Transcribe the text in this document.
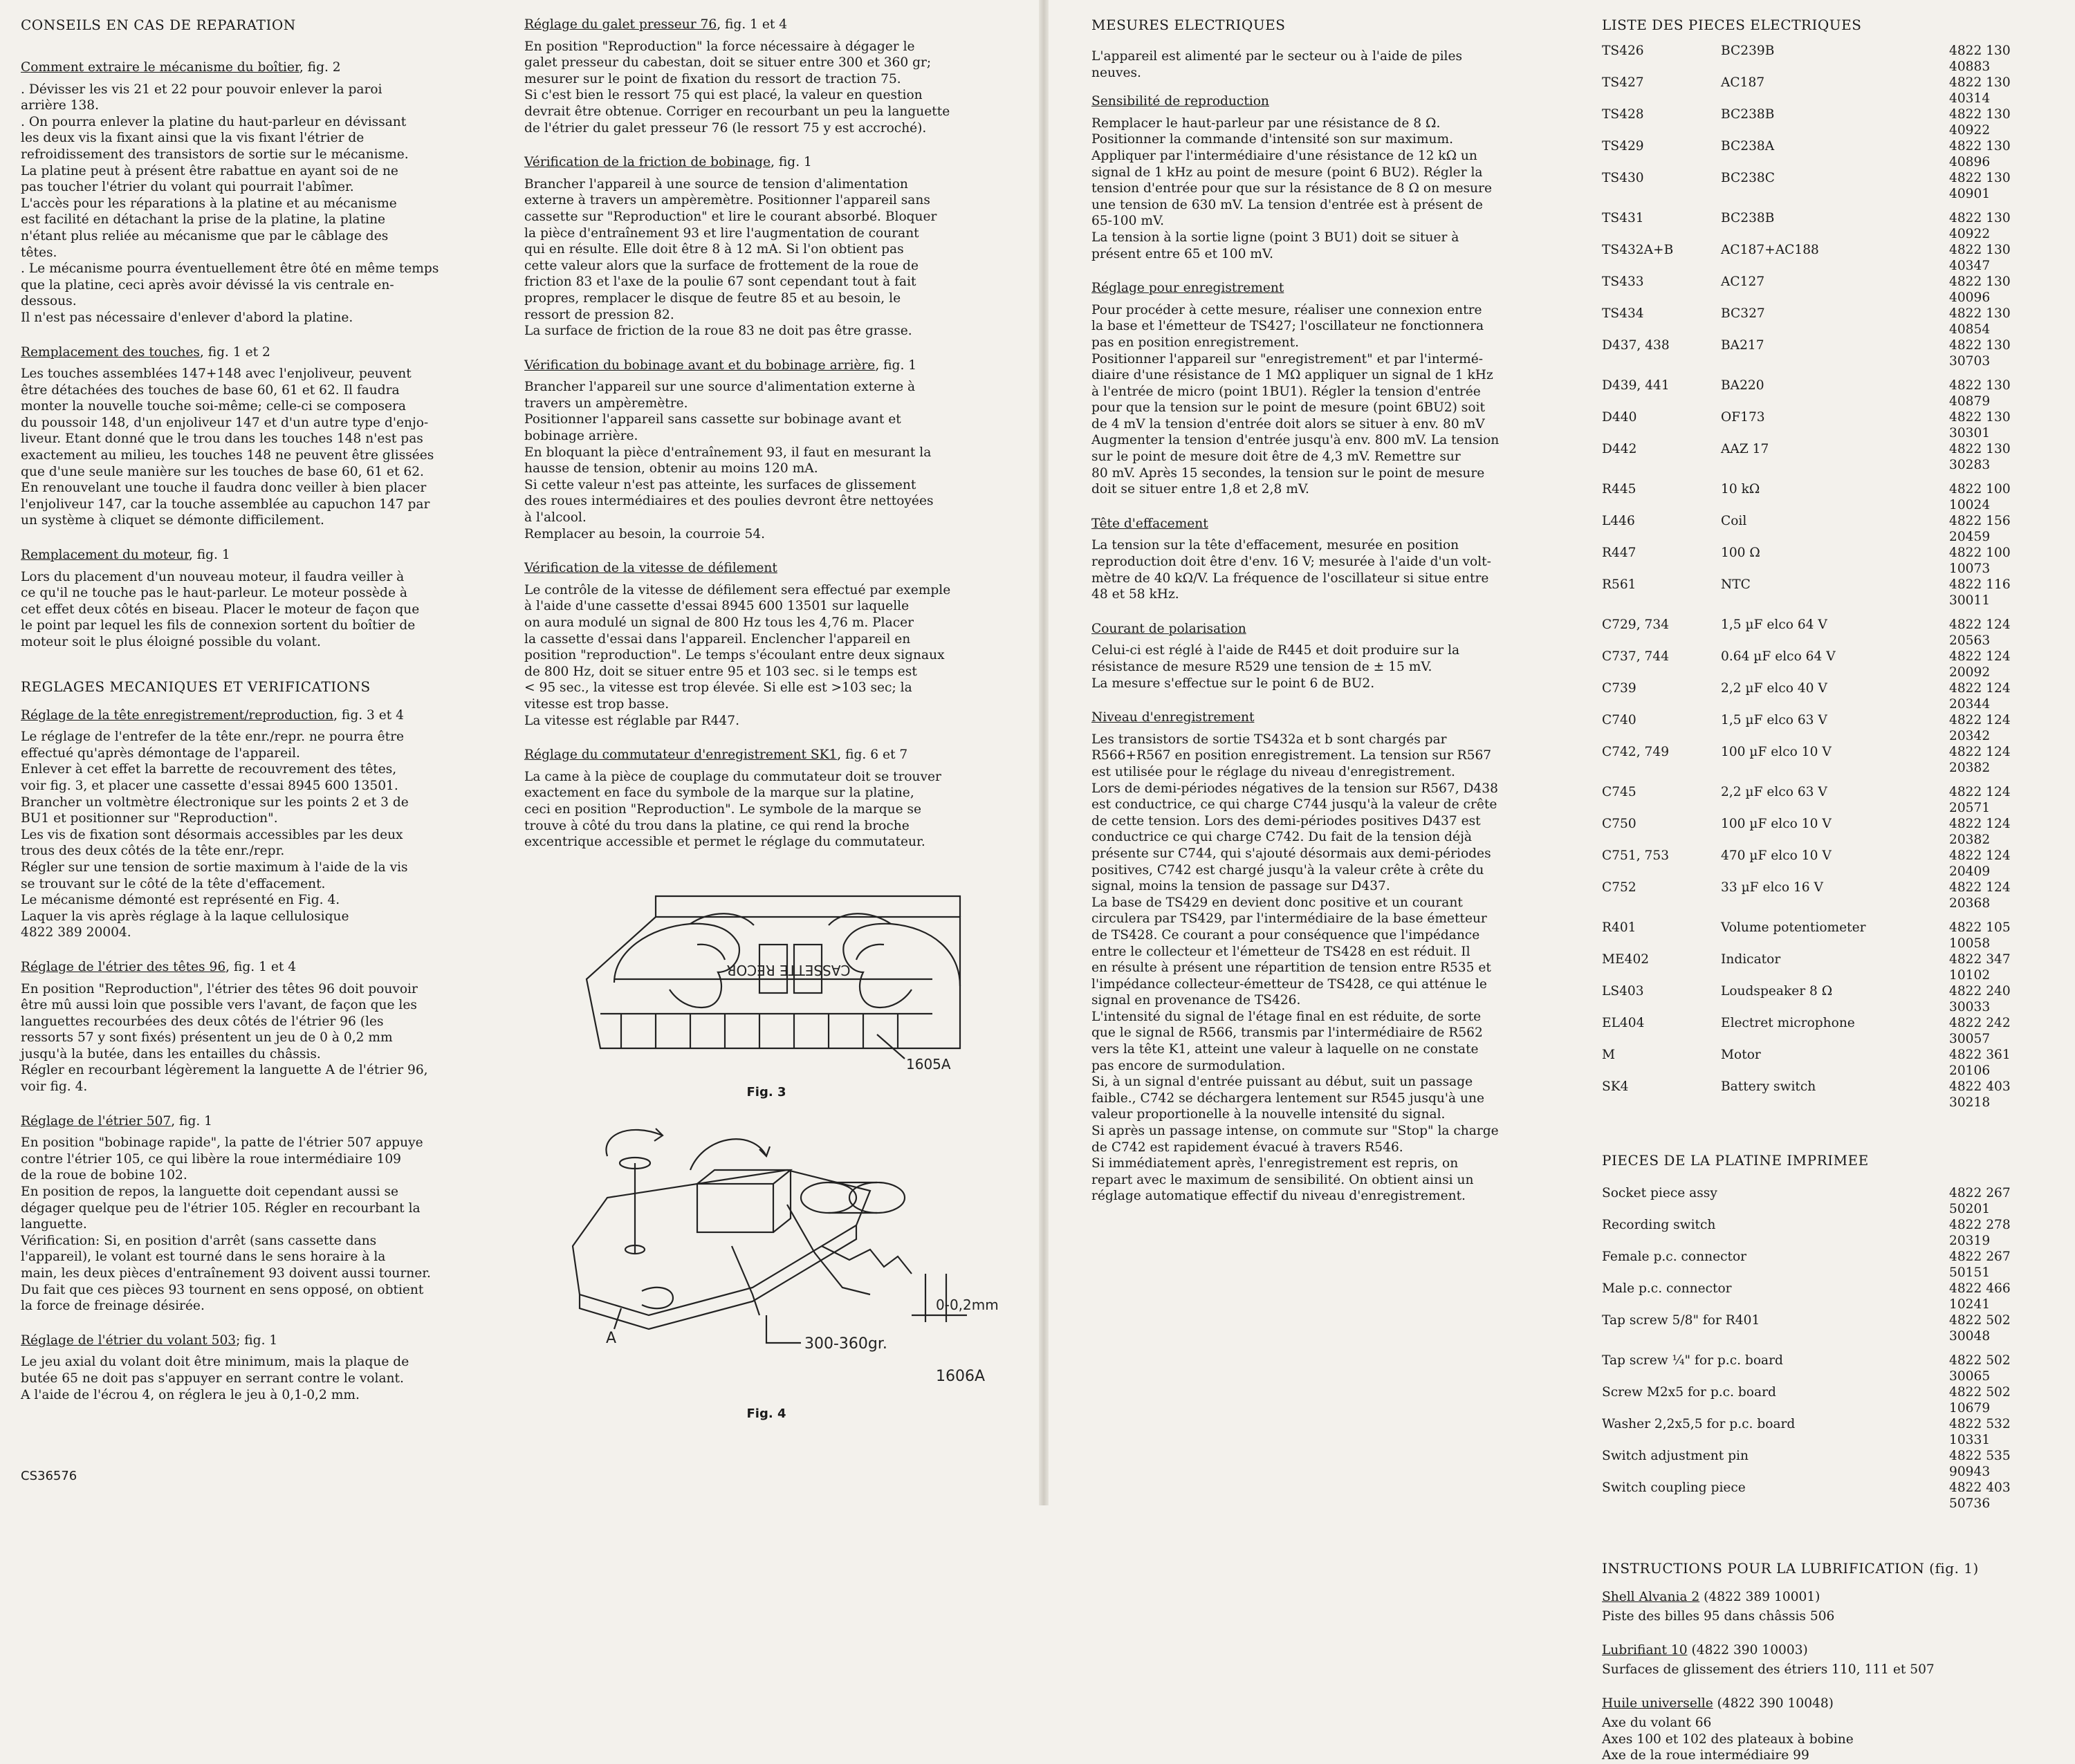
CONSEILS EN CAS DE REPARATION
Comment extraire le mécanisme du boîtier, fig. 2

. Dévisser les vis 21 et 22 pour pouvoir enlever la paroi
arrière 138.
. On pourra enlever la platine du haut-parleur en dévissant
les deux vis la fixant ainsi que la vis fixant l'étrier de
refroidissement des transistors de sortie sur le mécanisme.
La platine peut à présent être rabattue en ayant soi de ne
pas toucher l'étrier du volant qui pourrait l'abîmer.
L'accès pour les réparations à la platine et au mécanisme
est facilité en détachant la prise de la platine, la platine
n'étant plus reliée au mécanisme que par le câblage des
têtes.
. Le mécanisme pourra éventuellement être ôté en même temps
que la platine, ceci après avoir dévissé la vis centrale en-
dessous.
Il n'est pas nécessaire d'enlever d'abord la platine.

Remplacement des touches, fig. 1 et 2

Les touches assemblées 147+148 avec l'enjoliveur, peuvent
être détachées des touches de base 60, 61 et 62. Il faudra
monter la nouvelle touche soi-même; celle-ci se composera
du poussoir 148, d'un enjoliveur 147 et d'un autre type d'enjo-
liveur. Etant donné que le trou dans les touches 148 n'est pas
exactement au milieu, les touches 148 ne peuvent être glissées
que d'une seule manière sur les touches de base 60, 61 et 62.
En renouvelant une touche il faudra donc veiller à bien placer
l'enjoliveur 147, car la touche assemblée au capuchon 147 par
un système à cliquet se démonte difficilement.

Remplacement du moteur, fig. 1

Lors du placement d'un nouveau moteur, il faudra veiller à
ce qu'il ne touche pas le haut-parleur. Le moteur possède à
cet effet deux côtés en biseau. Placer le moteur de façon que
le point par lequel les fils de connexion sortent du boîtier de
moteur soit le plus éloigné possible du volant.

REGLAGES MECANIQUES ET VERIFICATIONS
Réglage de la tête enregistrement/reproduction, fig. 3 et 4

Le réglage de l'entrefer de la tête enr./repr. ne pourra être
effectué qu'après démontage de l'appareil.
Enlever à cet effet la barrette de recouvrement des têtes,
voir fig. 3, et placer une cassette d'essai 8945 600 13501.
Brancher un voltmètre électronique sur les points 2 et 3 de
BU1 et positionner sur "Reproduction".
Les vis de fixation sont désormais accessibles par les deux
trous des deux côtés de la tête enr./repr.
Régler sur une tension de sortie maximum à l'aide de la vis
se trouvant sur le côté de la tête d'effacement.
Le mécanisme démonté est représenté en Fig. 4.
Laquer la vis après réglage à la laque cellulosique
4822 389 20004.

Réglage de l'étrier des têtes 96, fig. 1 et 4

En position "Reproduction", l'étrier des têtes 96 doit pouvoir
être mû aussi loin que possible vers l'avant, de façon que les
languettes recourbées des deux côtés de l'étrier 96 (les
ressorts 57 y sont fixés) présentent un jeu de 0 à 0,2 mm
jusqu'à la butée, dans les entailles du châssis.
Régler en recourbant légèrement la languette A de l'étrier 96,
voir fig. 4.

Réglage de l'étrier 507, fig. 1

En position "bobinage rapide", la patte de l'étrier 507 appuye
contre l'étrier 105, ce qui libère la roue intermédiaire 109
de la roue de bobine 102.
En position de repos, la languette doit cependant aussi se
dégager quelque peu de l'étrier 105. Régler en recourbant la
languette.
Vérification: Si, en position d'arrêt (sans cassette dans
l'appareil), le volant est tourné dans le sens horaire à la
main, les deux pièces d'entraînement 93 doivent aussi tourner.
Du fait que ces pièces 93 tournent en sens opposé, on obtient
la force de freinage désirée.

Réglage de l'étrier du volant 503; fig. 1

Le jeu axial du volant doit être minimum, mais la plaque de
butée 65 ne doit pas s'appuyer en serrant contre le volant.
A l'aide de l'écrou 4, on réglera le jeu à 0,1-0,2 mm.

CS36576
Réglage du galet presseur 76, fig. 1 et 4

En position "Reproduction" la force nécessaire à dégager le
galet presseur du cabestan, doit se situer entre 300 et 360 gr;
mesurer sur le point de fixation du ressort de traction 75.
Si c'est bien le ressort 75 qui est placé, la valeur en question
devrait être obtenue. Corriger en recourbant un peu la languette
de l'étrier du galet presseur 76 (le ressort 75 y est accroché).

Vérification de la friction de bobinage, fig. 1

Brancher l'appareil à une source de tension d'alimentation
externe à travers un ampèremètre. Positionner l'appareil sans
cassette sur "Reproduction" et lire le courant absorbé. Bloquer
la pièce d'entraînement 93 et lire l'augmentation de courant
qui en résulte. Elle doit être 8 à 12 mA. Si l'on obtient pas
cette valeur alors que la surface de frottement de la roue de
friction 83 et l'axe de la poulie 67 sont cependant tout à fait
propres, remplacer le disque de feutre 85 et au besoin, le
ressort de pression 82.
La surface de friction de la roue 83 ne doit pas être grasse.

Vérification du bobinage avant et du bobinage arrière, fig. 1

Brancher l'appareil sur une source d'alimentation externe à
travers un ampèremètre.
Positionner l'appareil sans cassette sur bobinage avant et
bobinage arrière.
En bloquant la pièce d'entraînement 93, il faut en mesurant la
hausse de tension, obtenir au moins 120 mA.
Si cette valeur n'est pas atteinte, les surfaces de glissement
des roues intermédiaires et des poulies devront être nettoyées
à l'alcool.
Remplacer au besoin, la courroie 54.

Vérification de la vitesse de défilement

Le contrôle de la vitesse de défilement sera effectué par exemple
à l'aide d'une cassette d'essai 8945 600 13501 sur laquelle
on aura modulé un signal de 800 Hz tous les 4,76 m. Placer
la cassette d'essai dans l'appareil. Enclencher l'appareil en
position "reproduction". Le temps s'écoulant entre deux signaux
de 800 Hz, doit se situer entre 95 et 103 sec. si le temps est
< 95 sec., la vitesse est trop élevée. Si elle est >103 sec; la
vitesse est trop basse.
La vitesse est réglable par R447.

Réglage du commutateur d'enregistrement SK1, fig. 6 et 7

La came à la pièce de couplage du commutateur doit se trouver
exactement en face du symbole de la marque sur la platine,
ceci en position "Reproduction". Le symbole de la marque se
trouve à côté du trou dans la platine, ce qui rend la broche
excentrique accessible et permet le réglage du commutateur.

CASSETTE RECOR
1605A
Fig. 3
A	300-360gr.
0-0,2mm
1606A
Fig. 4
MESURES ELECTRIQUES

L'appareil est alimenté par le secteur ou à l'aide de piles
neuves.

Sensibilité de reproduction

Remplacer le haut-parleur par une résistance de 8 Ω.
Positionner la commande d'intensité son sur maximum.
Appliquer par l'intermédiaire d'une résistance de 12 kΩ un
signal de 1 kHz au point de mesure (point 6 BU2). Régler la
tension d'entrée pour que sur la résistance de 8 Ω on mesure
une tension de 630 mV. La tension d'entrée est à présent de
65-100 mV.
La tension à la sortie ligne (point 3 BU1) doit se situer à
présent entre 65 et 100 mV.

Réglage pour enregistrement

Pour procéder à cette mesure, réaliser une connexion entre
la base et l'émetteur de TS427; l'oscillateur ne fonctionnera
pas en position enregistrement.
Positionner l'appareil sur "enregistrement" et par l'intermé-
diaire d'une résistance de 1 MΩ appliquer un signal de 1 kHz
à l'entrée de micro (point 1BU1). Régler la tension d'entrée
pour que la tension sur le point de mesure (point 6BU2) soit
de 4 mV la tension d'entrée doit alors se situer à env. 80 mV
Augmenter la tension d'entrée jusqu'à env. 800 mV. La tension
sur le point de mesure doit être de 4,3 mV. Remettre sur
80 mV. Après 15 secondes, la tension sur le point de mesure
doit se situer entre 1,8 et 2,8 mV.

Tête d'effacement

La tension sur la tête d'effacement, mesurée en position
reproduction doit être d'env. 16 V; mesurée à l'aide d'un volt-
mètre de 40 kΩ/V. La fréquence de l'oscillateur si situe entre
48 et 58 kHz.

Courant de polarisation

Celui-ci est réglé à l'aide de R445 et doit produire sur la
résistance de mesure R529 une tension de ± 15 mV.
La mesure s'effectue sur le point 6 de BU2.

Niveau d'enregistrement

Les transistors de sortie TS432a et b sont chargés par
R566+R567 en position enregistrement. La tension sur R567
est utilisée pour le réglage du niveau d'enregistrement.
Lors de demi-périodes négatives de la tension sur R567, D438
est conductrice, ce qui charge C744 jusqu'à la valeur de crête
de cette tension. Lors des demi-périodes positives D437 est
conductrice ce qui charge C742. Du fait de la tension déjà
présente sur C744, qui s'ajouté désormais aux demi-périodes
positives, C742 est chargé jusqu'à la valeur crête à crête du
signal, moins la tension de passage sur D437.
La base de TS429 en devient donc positive et un courant
circulera par TS429, par l'intermédiaire de la base émetteur
de TS428. Ce courant a pour conséquence que l'impédance
entre le collecteur et l'émetteur de TS428 en est réduit. Il
en résulte à présent une répartition de tension entre R535 et
l'impédance collecteur-émetteur de TS428, ce qui atténue le
signal en provenance de TS426.
L'intensité du signal de l'étage final en est réduite, de sorte
que le signal de R566, transmis par l'intermédiaire de R562
vers la tête K1, atteint une valeur à laquelle on ne constate
pas encore de surmodulation.
Si, à un signal d'entrée puissant au début, suit un passage
faible., C742 se déchargera lentement sur R545 jusqu'à une
valeur proportionelle à la nouvelle intensité du signal.
Si après un passage intense, on commute sur "Stop" la charge
de C742 est rapidement évacué à travers R546.
Si immédiatement après, l'enregistrement est repris, on
repart avec le maximum de sensibilité. On obtient ainsi un
réglage automatique effectif du niveau d'enregistrement.

LISTE DES PIECES ELECTRIQUES
TS426	BC239B	4822 130 40883
TS427	AC187	4822 130 40314
TS428	BC238B	4822 130 40922
TS429	BC238A	4822 130 40896
TS430	BC238C	4822 130 40901
TS431	BC238B	4822 130 40922
TS432A+B	AC187+AC188	4822 130 40347
TS433	AC127	4822 130 40096
TS434	BC327	4822 130 40854
D437, 438	BA217	4822 130 30703
D439, 441	BA220	4822 130 40879
D440	OF173	4822 130 30301
D442	AAZ 17	4822 130 30283
R445	10 kΩ	4822 100 10024
L446	Coil	4822 156 20459
R447	100 Ω	4822 100 10073
R561	NTC	4822 116 30011
C729, 734	1,5 µF elco 64 V	4822 124 20563
C737, 744	0.64 µF elco 64 V	4822 124 20092
C739	2,2 µF elco 40 V	4822 124 20344
C740	1,5 µF elco 63 V	4822 124 20342
C742, 749	100 µF elco 10 V	4822 124 20382
C745	2,2 µF elco 63 V	4822 124 20571
C750	100 µF elco 10 V	4822 124 20382
C751, 753	470 µF elco 10 V	4822 124 20409
C752	33 µF elco 16 V	4822 124 20368
R401	Volume potentiometer	4822 105 10058
ME402	Indicator	4822 347 10102
LS403	Loudspeaker 8 Ω	4822 240 30033
EL404	Electret microphone	4822 242 30057
M	Motor	4822 361 20106
SK4	Battery switch	4822 403 30218
PIECES DE LA PLATINE IMPRIMEE
Socket piece assy	4822 267 50201
Recording switch	4822 278 20319
Female p.c. connector	4822 267 50151
Male p.c. connector	4822 466 10241
Tap screw 5/8" for R401	4822 502 30048
Tap screw ¼" for p.c. board	4822 502 30065
Screw M2x5 for p.c. board	4822 502 10679
Washer 2,2x5,5 for p.c. board	4822 532 10331
Switch adjustment pin	4822 535 90943
Switch coupling piece	4822 403 50736
INSTRUCTIONS POUR LA LUBRIFICATION (fig. 1)
Shell Alvania 2 (4822 389 10001)

Piste des billes 95 dans châssis 506

Lubrifiant 10 (4822 390 10003)

Surfaces de glissement des étriers 110, 111 et 507

Huile universelle (4822 390 10048)

Axe du volant 66
Axes 100 et 102 des plateaux à bobine
Axe de la roue intermédiaire 99
